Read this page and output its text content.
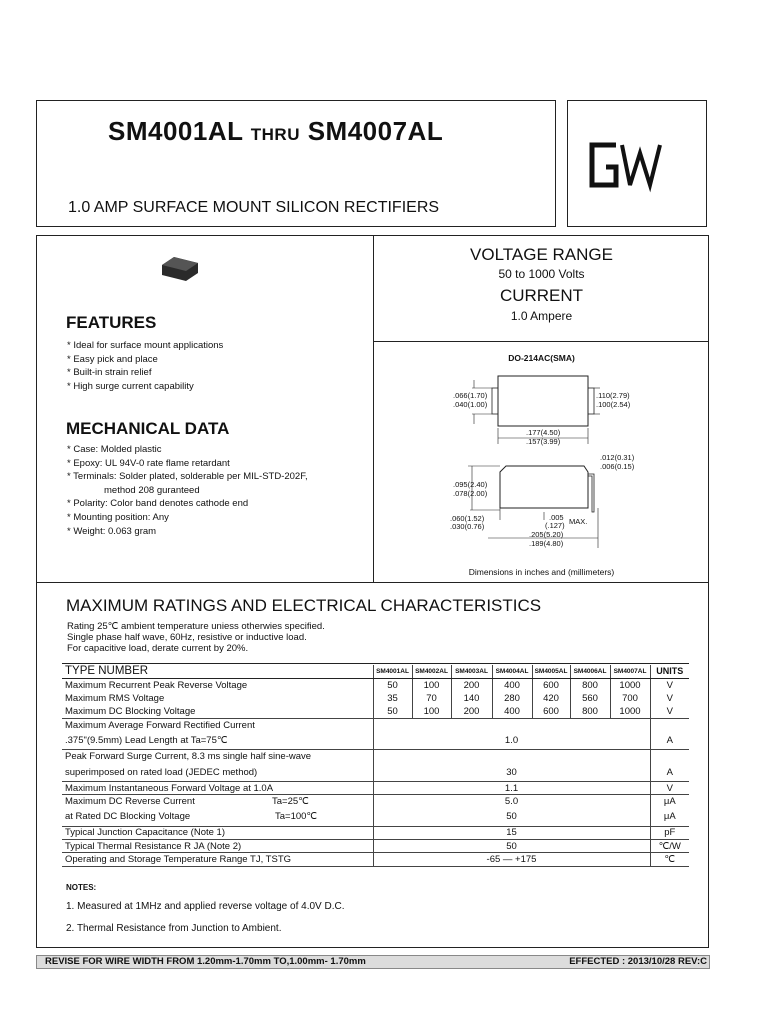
SM4001AL THRU SM4007AL
1.0 AMP SURFACE MOUNT SILICON RECTIFIERS
FEATURES
* Ideal for surface mount applications
* Easy pick and place
* Built-in strain relief
* High surge current capability
MECHANICAL DATA
* Case: Molded plastic
* Epoxy: UL 94V-0 rate flame retardant
* Terminals: Solder plated, solderable per MIL-STD-202F,
method 208 guranteed
* Polarity: Color band denotes cathode end
* Mounting position: Any
* Weight: 0.063 gram
VOLTAGE RANGE
50 to 1000 Volts
CURRENT
1.0 Ampere
DO-214AC(SMA)
.066(1.70)
.040(1.00)
.110(2.79)
.100(2.54)
.177(4.50)
.157(3.99)
.012(0.31)
.006(0.15)
.095(2.40)
.078(2.00)
.060(1.52)
.030(0.76)
.005
(.127) MAX.
.205(5.20)
.189(4.80)
Dimensions in inches and (millimeters)
MAXIMUM RATINGS AND ELECTRICAL CHARACTERISTICS
Rating 25℃ ambient temperature uniess otherwies specified.
Single phase half wave, 60Hz, resistive or inductive load.
For capacitive load, derate current by 20%.
TYPE NUMBER	SM4001AL	SM4002AL	SM4003AL	SM4004AL	SM4005AL	SM4006AL	SM4007AL	UNITS
Maximum Recurrent Peak Reverse Voltage	50	100	200	400	600	800	1000	V
Maximum RMS Voltage	35	70	140	280	420	560	700	V
Maximum DC Blocking Voltage	50	100	200	400	600	800	1000	V
Maximum Average Forward Rectified Current								
.375"(9.5mm) Lead Length at Ta=75℃	1.0							A
Peak Forward Surge Current, 8.3 ms single half sine-wave								
superimposed on rated load (JEDEC method)	30							A
Maximum Instantaneous Forward Voltage at 1.0A	1.1							V
Maximum DC Reverse Current Ta=25℃	5.0							μA
at Rated DC Blocking Voltage Ta=100℃	50							μA
Typical Junction Capacitance (Note 1)	15							pF
Typical Thermal Resistance R JA (Note 2)	50							℃/W
Operating and Storage Temperature Range TJ, TSTG	-65 — +175							℃
NOTES:
1. Measured at 1MHz and applied reverse voltage of 4.0V D.C.
2. Thermal Resistance from Junction to Ambient.
REVISE FOR WIRE WIDTH FROM 1.20mm-1.70mm TO,1.00mm- 1.70mm	EFFECTED : 2013/10/28 REV:C
